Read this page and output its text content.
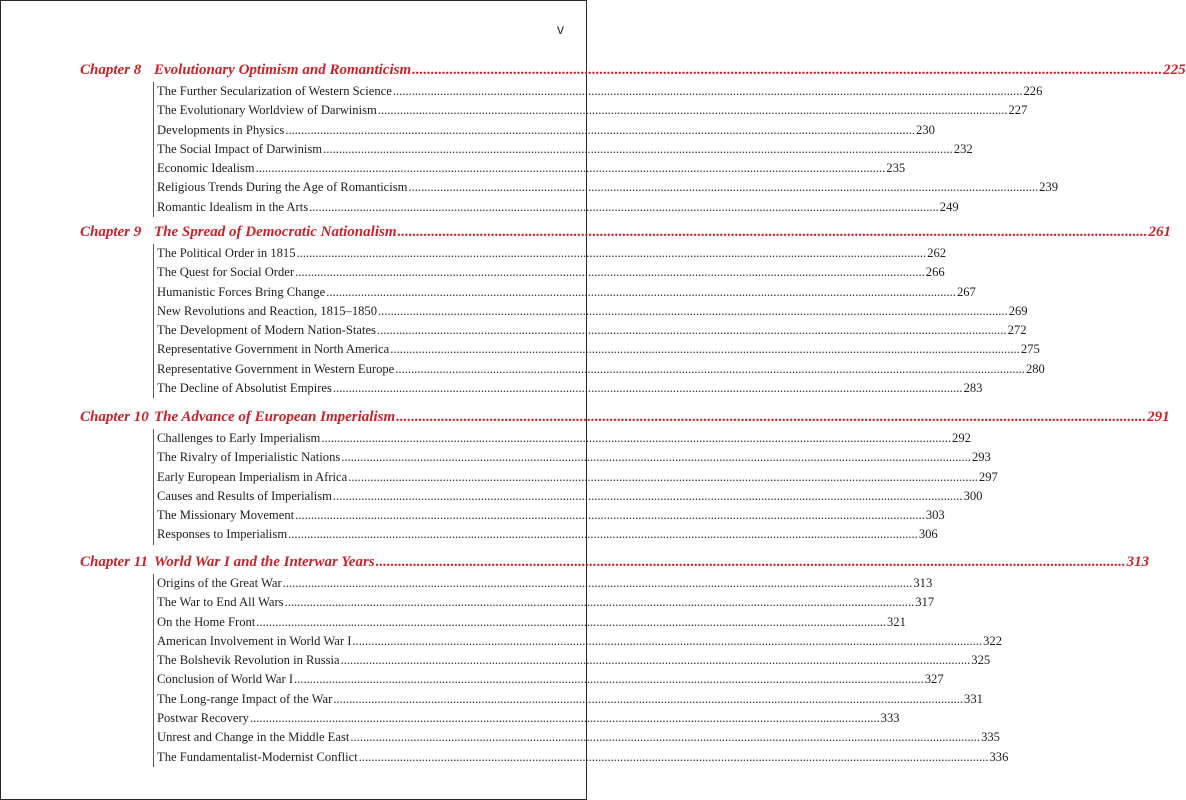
v
Chapter 8 Evolutionary Optimism and Romanticism ........................................................................................................................................................................................................ 225
The Further Secularization of Western Science ........................................................................................................................................................................................................ 226
The Evolutionary Worldview of Darwinism ........................................................................................................................................................................................................ 227
Developments in Physics ........................................................................................................................................................................................................ 230
The Social Impact of Darwinism ........................................................................................................................................................................................................ 232
Economic Idealism ........................................................................................................................................................................................................ 235
Religious Trends During the Age of Romanticism ........................................................................................................................................................................................................ 239
Romantic Idealism in the Arts ........................................................................................................................................................................................................ 249
Chapter 9 The Spread of Democratic Nationalism ........................................................................................................................................................................................................ 261
The Political Order in 1815 ........................................................................................................................................................................................................ 262
The Quest for Social Order ........................................................................................................................................................................................................ 266
Humanistic Forces Bring Change ........................................................................................................................................................................................................ 267
New Revolutions and Reaction, 1815–1850 ........................................................................................................................................................................................................ 269
The Development of Modern Nation-States ........................................................................................................................................................................................................ 272
Representative Government in North America ........................................................................................................................................................................................................ 275
Representative Government in Western Europe ........................................................................................................................................................................................................ 280
The Decline of Absolutist Empires ........................................................................................................................................................................................................ 283
Chapter 10 The Advance of European Imperialism ........................................................................................................................................................................................................ 291
Challenges to Early Imperialism ........................................................................................................................................................................................................ 292
The Rivalry of Imperialistic Nations ........................................................................................................................................................................................................ 293
Early European Imperialism in Africa ........................................................................................................................................................................................................ 297
Causes and Results of Imperialism ........................................................................................................................................................................................................ 300
The Missionary Movement ........................................................................................................................................................................................................ 303
Responses to Imperialism ........................................................................................................................................................................................................ 306
Chapter 11 World War I and the Interwar Years ........................................................................................................................................................................................................ 313
Origins of the Great War ........................................................................................................................................................................................................ 313
The War to End All Wars ........................................................................................................................................................................................................ 317
On the Home Front ........................................................................................................................................................................................................ 321
American Involvement in World War I ........................................................................................................................................................................................................ 322
The Bolshevik Revolution in Russia ........................................................................................................................................................................................................ 325
Conclusion of World War I ........................................................................................................................................................................................................ 327
The Long-range Impact of the War ........................................................................................................................................................................................................ 331
Postwar Recovery ........................................................................................................................................................................................................ 333
Unrest and Change in the Middle East ........................................................................................................................................................................................................ 335
The Fundamentalist-Modernist Conflict ........................................................................................................................................................................................................ 336
